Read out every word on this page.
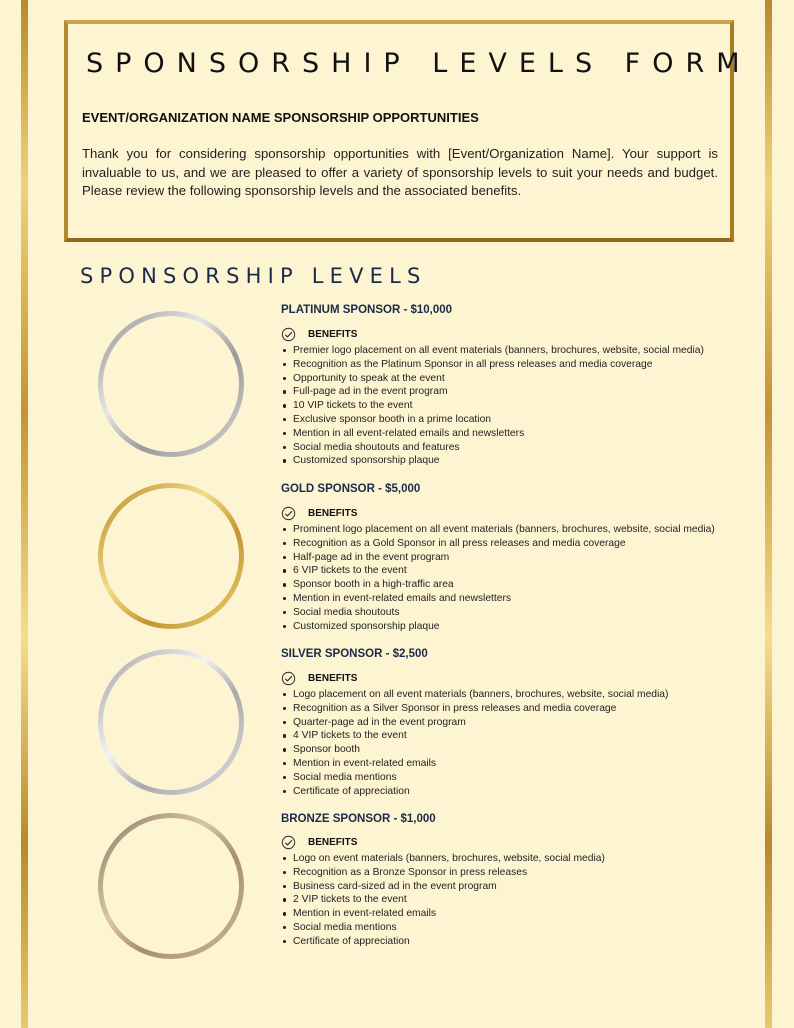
SPONSORSHIP LEVELS FORM
EVENT/ORGANIZATION NAME SPONSORSHIP OPPORTUNITIES

Thank you for considering sponsorship opportunities with [Event/Organization Name]. Your support is invaluable to us, and we are pleased to offer a variety of sponsorship levels to suit your needs and budget. Please review the following sponsorship levels and the associated benefits.

SPONSORSHIP LEVELS
PLATINUM SPONSOR - $10,000
BENEFITS
Premier logo placement on all event materials (banners, brochures, website, social media)
Recognition as the Platinum Sponsor in all press releases and media coverage
Opportunity to speak at the event
Full-page ad in the event program
10 VIP tickets to the event
Exclusive sponsor booth in a prime location
Mention in all event-related emails and newsletters
Social media shoutouts and features
Customized sponsorship plaque
GOLD SPONSOR - $5,000
BENEFITS
Prominent logo placement on all event materials (banners, brochures, website, social media)
Recognition as a Gold Sponsor in all press releases and media coverage
Half-page ad in the event program
6 VIP tickets to the event
Sponsor booth in a high-traffic area
Mention in event-related emails and newsletters
Social media shoutouts
Customized sponsorship plaque
SILVER SPONSOR - $2,500
BENEFITS
Logo placement on all event materials (banners, brochures, website, social media)
Recognition as a Silver Sponsor in press releases and media coverage
Quarter-page ad in the event program
4 VIP tickets to the event
Sponsor booth
Mention in event-related emails
Social media mentions
Certificate of appreciation
BRONZE SPONSOR - $1,000
BENEFITS
Logo on event materials (banners, brochures, website, social media)
Recognition as a Bronze Sponsor in press releases
Business card-sized ad in the event program
2 VIP tickets to the event
Mention in event-related emails
Social media mentions
Certificate of appreciation
